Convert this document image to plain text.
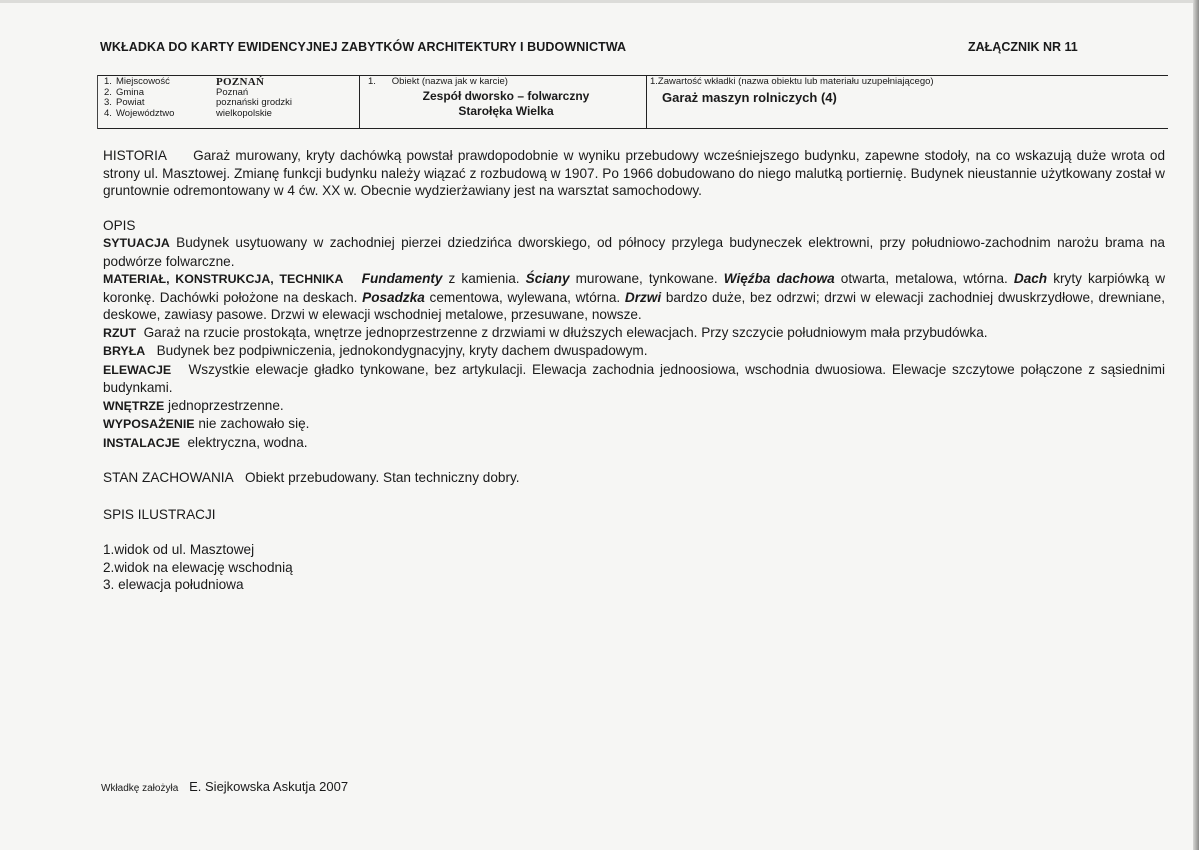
WKŁADKA DO KARTY EWIDENCYJNEJ ZABYTKÓW ARCHITEKTURY I BUDOWNICTWA	ZAŁĄCZNIK NR 11
1. Miejscowość	POZNAŃ
2. Gmina	Poznań
3. Powiat	poznański grodzki
4. Województwo	wielkopolskie
1.      Obiekt (nazwa jak w karcie)
Zespół dworsko – folwarczny
Starołęka Wielka
1.Zawartość wkładki (nazwa obiektu lub materiału uzupełniającego)
Garaż maszyn rolniczych (4)

HISTORIA Garaż murowany, kryty dachówką powstał prawdopodobnie w wyniku przebudowy wcześniejszego budynku, zapewne stodoły, na co wskazują duże wrota od strony ul. Masztowej. Zmianę funkcji budynku należy wiązać z rozbudową w 1907. Po 1966 dobudowano do niego malutką portiernię. Budynek nieustannie użytkowany został w gruntownie odremontowany w 4 ćw. XX w. Obecnie wydzierżawiany jest na warsztat samochodowy.

OPIS

SYTUACJA Budynek usytuowany w zachodniej pierzei dziedzińca dworskiego, od północy przylega budyneczek elektrowni, przy południowo-zachodnim narożu brama na podwórze folwarczne.

MATERIAŁ, KONSTRUKCJA, TECHNIKA Fundamenty z kamienia. Ściany murowane, tynkowane. Więźba dachowa otwarta, metalowa, wtórna. Dach kryty karpiówką w koronkę. Dachówki położone na deskach. Posadzka cementowa, wylewana, wtórna. Drzwi bardzo duże, bez odrzwi; drzwi w elewacji zachodniej dwuskrzydłowe, drewniane, deskowe, zawiasy pasowe. Drzwi w elewacji wschodniej metalowe, przesuwane, nowsze.

RZUT Garaż na rzucie prostokąta, wnętrze jednoprzestrzenne z drzwiami w dłuższych elewacjach. Przy szczycie południowym mała przybudówka.

BRYŁA Budynek bez podpiwniczenia, jednokondygnacyjny, kryty dachem dwuspadowym.

ELEWACJE Wszystkie elewacje gładko tynkowane, bez artykulacji. Elewacja zachodnia jednoosiowa, wschodnia dwuosiowa. Elewacje szczytowe połączone z sąsiednimi budynkami.

WNĘTRZE jednoprzestrzenne.

WYPOSAŻENIE nie zachowało się.

INSTALACJE elektryczna, wodna.

STAN ZACHOWANIA Obiekt przebudowany. Stan techniczny dobry.

SPIS ILUSTRACJI

1.widok od ul. Masztowej

2.widok na elewację wschodnią

3. elewacja południowa

Wkładkę założyła E. Siejkowska Askutja 2007
